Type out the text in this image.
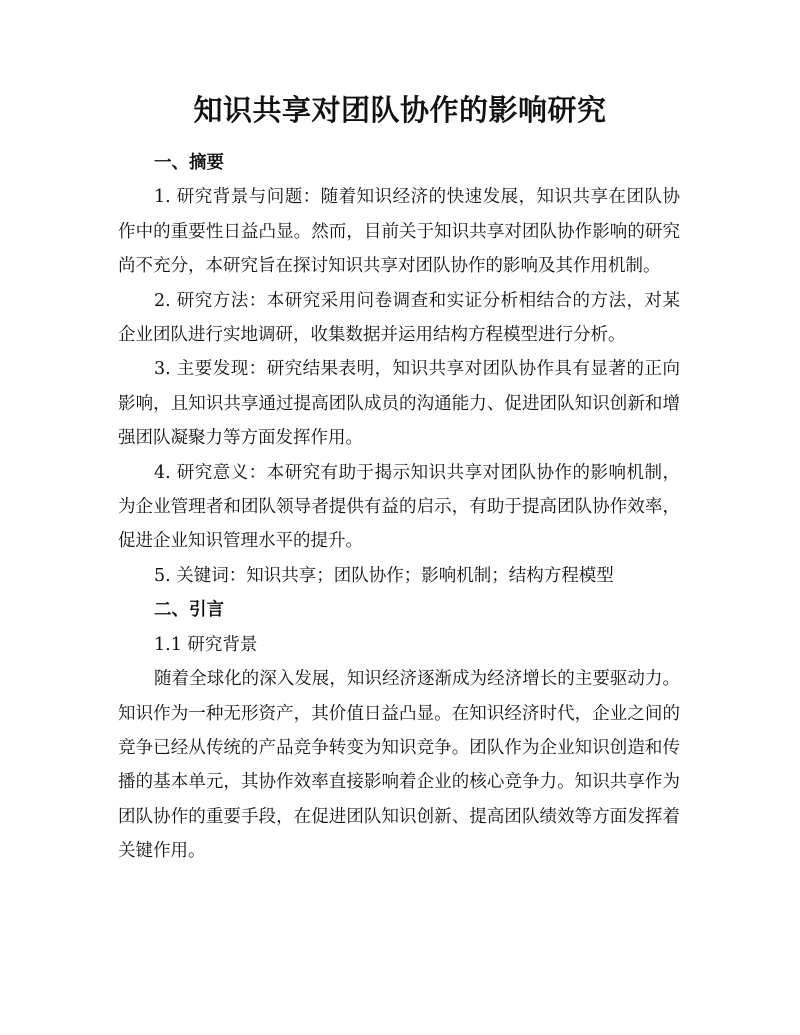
知识共享对团队协作的影响研究
一、摘要

1. 研究背景与问题：随着知识经济的快速发展，知识共享在团队协作中的重要性日益凸显。然而，目前关于知识共享对团队协作影响的研究尚不充分，本研究旨在探讨知识共享对团队协作的影响及其作用机制。

2. 研究方法：本研究采用问卷调查和实证分析相结合的方法，对某企业团队进行实地调研，收集数据并运用结构方程模型进行分析。

3. 主要发现：研究结果表明，知识共享对团队协作具有显著的正向影响，且知识共享通过提高团队成员的沟通能力、促进团队知识创新和增强团队凝聚力等方面发挥作用。

4. 研究意义：本研究有助于揭示知识共享对团队协作的影响机制，为企业管理者和团队领导者提供有益的启示，有助于提高团队协作效率，促进企业知识管理水平的提升。

5. 关键词：知识共享；团队协作；影响机制；结构方程模型

二、引言

1.1 研究背景

随着全球化的深入发展，知识经济逐渐成为经济增长的主要驱动力。知识作为一种无形资产，其价值日益凸显。在知识经济时代，企业之间的竞争已经从传统的产品竞争转变为知识竞争。团队作为企业知识创造和传播的基本单元，其协作效率直接影响着企业的核心竞争力。知识共享作为团队协作的重要手段，在促进团队知识创新、提高团队绩效等方面发挥着关键作用。
